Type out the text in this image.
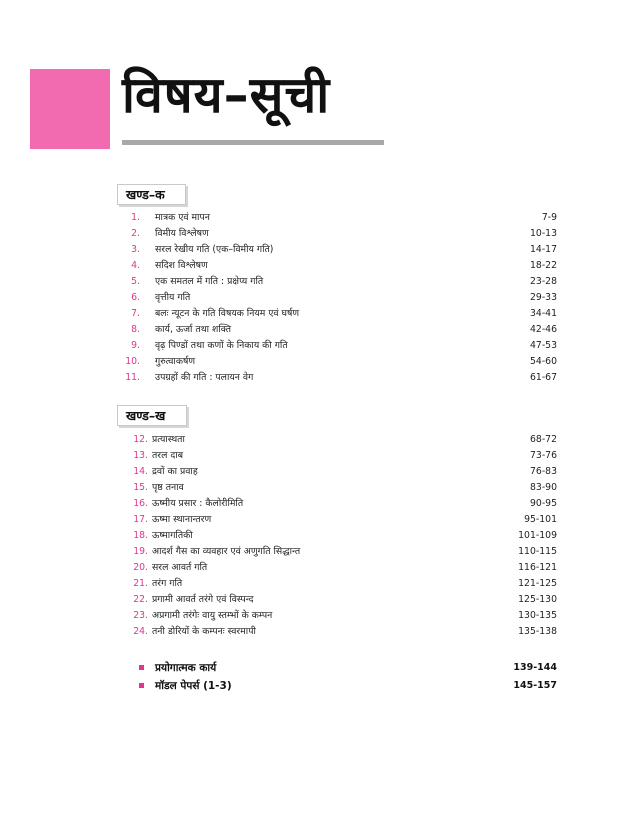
विषय–सूची
खण्ड–क
1. मात्रक एवं मापन	7-9
2. विमीय विश्लेषण	10-13
3. सरल रेखीय गति (एक–विमीय गति)	14-17
4. सदिश विश्लेषण	18-22
5. एक समतल में गति : प्रक्षेप्य गति	23-28
6. वृत्तीय गति	29-33
7. बलः न्यूटन के गति विषयक नियम एवं घर्षण	34-41
8. कार्य, ऊर्जा तथा शक्ति	42-46
9. वृढ़ पिण्डों तथा कणों के निकाय की गति	47-53
10. गुरुत्वाकर्षण	54-60
11. उपग्रहों की गति : पलायन वेग	61-67
खण्ड–ख
12. प्रत्यास्थता	68-72
13. तरल दाब	73-76
14. द्रवों का प्रवाह	76-83
15. पृष्ठ तनाव	83-90
16. ऊष्मीय प्रसार : कैलोरीमिति	90-95
17. ऊष्मा स्थानान्तरण	95-101
18. ऊष्मागतिकी	101-109
19. आदर्श गैस का व्यवहार एवं अणुगति सिद्धान्त	110-115
20. सरल आवर्त गति	116-121
21. तरंग गति	121-125
22. प्रगामी आवर्त तरंगे एवं विस्पन्द	125-130
23. अप्रगामी तरंगेः वायु स्तम्भों के कम्पन	130-135
24. तनी डोरियों के कम्पनः स्वरमापी	135-138
प्रयोगात्मक कार्य	139-144
मॉडल पेपर्स (1-3)	145-157
